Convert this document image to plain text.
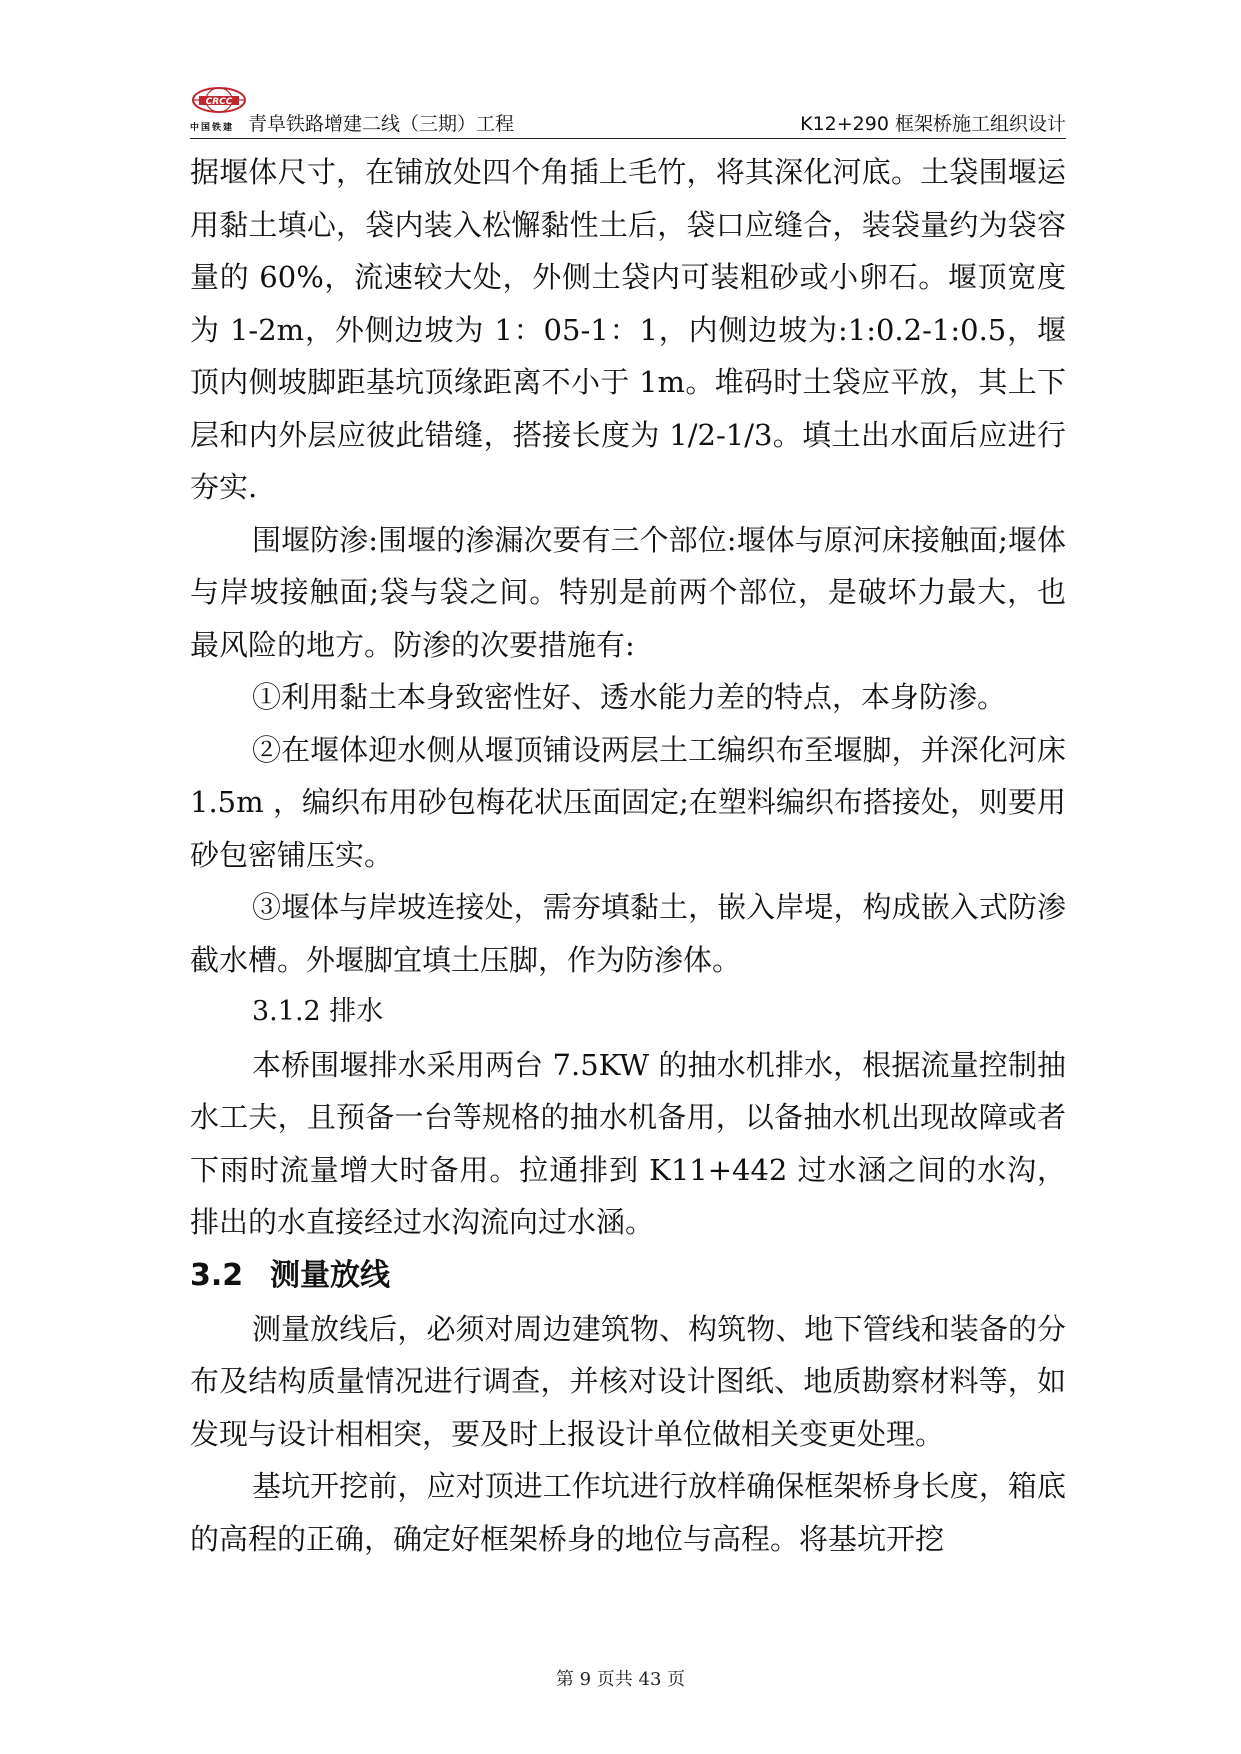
CRCC
中国铁建 青阜铁路增建二线（三期）工程	K12+290 框架桥施工组织设计

据堰体尺寸，在铺放处四个角插上毛竹，将其深化河底。土袋围堰运用黏土填心，袋内装入松懈黏性土后，袋口应缝合，装袋量约为袋容量的 60%，流速较大处，外侧土袋内可装粗砂或小卵石。堰顶宽度为 1-2m，外侧边坡为 1：05-1：1，内侧边坡为:1:0.2-1:0.5，堰顶内侧坡脚距基坑顶缘距离不小于 1m。堆码时土袋应平放，其上下层和内外层应彼此错缝，搭接长度为 1/2-1/3。填土出水面后应进行夯实.

围堰防渗:围堰的渗漏次要有三个部位:堰体与原河床接触面;堰体与岸坡接触面;袋与袋之间。特别是前两个部位，是破坏力最大，也最风险的地方。防渗的次要措施有:

①利用黏土本身致密性好、透水能力差的特点，本身防渗。

②在堰体迎水侧从堰顶铺设两层土工编织布至堰脚，并深化河床 1.5m ，编织布用砂包梅花状压面固定;在塑料编织布搭接处，则要用砂包密铺压实。

③堰体与岸坡连接处，需夯填黏土，嵌入岸堤，构成嵌入式防渗截水槽。外堰脚宜填土压脚，作为防渗体。

3.1.2 排水

本桥围堰排水采用两台 7.5KW 的抽水机排水，根据流量控制抽水工夫，且预备一台等规格的抽水机备用，以备抽水机出现故障或者下雨时流量增大时备用。拉通排到 K11+442 过水涵之间的水沟，排出的水直接经过水沟流向过水涵。

3.2 测量放线

测量放线后，必须对周边建筑物、构筑物、地下管线和装备的分布及结构质量情况进行调查，并核对设计图纸、地质勘察材料等，如发现与设计相相突，要及时上报设计单位做相关变更处理。

基坑开挖前，应对顶进工作坑进行放样确保框架桥身长度，箱底的高程的正确，确定好框架桥身的地位与高程。将基坑开挖

第 9 页共 43 页
